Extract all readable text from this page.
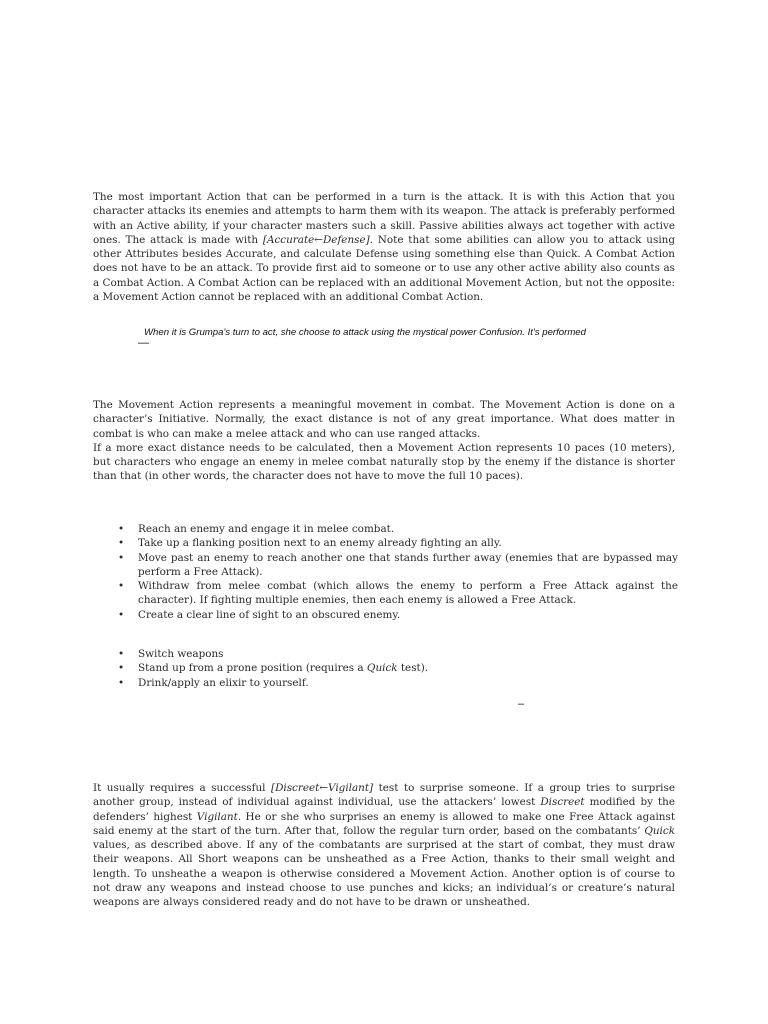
The most important Action that can be performed in a turn is the attack. It is with this Action that you character attacks its enemies and attempts to harm them with its weapon. The attack is preferably performed with an Active ability, if your character masters such a skill. Passive abilities always act together with active ones. The attack is made with [Accurate←Defense]. Note that some abilities can allow you to attack using other Attributes besides Accurate, and calculate Defense using something else than Quick. A Combat Action does not have to be an attack. To provide first aid to someone or to use any other active ability also counts as a Combat Action. A Combat Action can be replaced with an additional Movement Action, but not the opposite: a Movement Action cannot be replaced with an additional Combat Action.
When it is Grumpa's turn to act, she choose to attack using the mystical power Confusion. It's performed
—

The Movement Action represents a meaningful movement in combat. The Movement Action is done on a character’s Initiative. Normally, the exact distance is not of any great importance. What does matter in combat is who can make a melee attack and who can use ranged attacks.

If a more exact distance needs to be calculated, then a Movement Action represents 10 paces (10 meters), but characters who engage an enemy in melee combat naturally stop by the enemy if the distance is shorter than that (in other words, the character does not have to move the full 10 paces).

• Reach an enemy and engage it in melee combat.
• Take up a flanking position next to an enemy already fighting an ally.
• Move past an enemy to reach another one that stands further away (enemies that are bypassed may perform a Free Attack).
• Withdraw from melee combat (which allows the enemy to perform a Free Attack against the character). If fighting multiple enemies, then each enemy is allowed a Free Attack.
• Create a clear line of sight to an obscured enemy.
• Switch weapons
• Stand up from a prone position (requires a Quick test).
• Drink/apply an elixir to yourself.
–
It usually requires a successful [Discreet←Vigilant] test to surprise someone. If a group tries to surprise another group, instead of individual against individual, use the attackers’ lowest Discreet modified by the defenders’ highest Vigilant. He or she who surprises an enemy is allowed to make one Free Attack against said enemy at the start of the turn. After that, follow the regular turn order, based on the combatants’ Quick values, as described above. If any of the combatants are surprised at the start of combat, they must draw their weapons. All Short weapons can be unsheathed as a Free Action, thanks to their small weight and length. To unsheathe a weapon is otherwise considered a Movement Action. Another option is of course to not draw any weapons and instead choose to use punches and kicks; an individual’s or creature’s natural weapons are always considered ready and do not have to be drawn or unsheathed.
